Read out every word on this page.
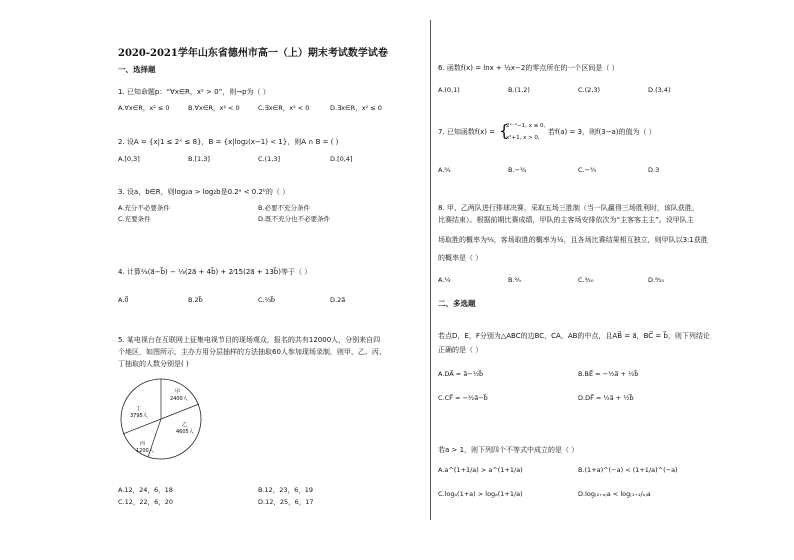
2020-2021学年山东省德州市高一（上）期末考试数学试卷
一、选择题
1. 已知命题p：“∀x∈R，x² > 0”，则¬p为（ ）
A.∀x∈R，x² ≤ 0	B.∀x∈R，x² < 0	C.∃x∈R，x² < 0	D.∃x∈R，x² ≤ 0
2. 设A = {x|1 ≤ 2ˣ ≤ 8}，B = {x|log₂(x−1) < 1}，则A ∩ B = ( )
A.[0,3]	B.[1,3]	C.(1,3]	D.[0,4]
3. 设a，b∈R，则log₂a > log₂b是0.2ᵃ < 0.2ᵇ的（ ）
A.充分不必要条件	B.必要不充分条件
C.充要条件	D.既不充分也不必要条件
4. 计算⅔(a⃗−b⃗) − ⅓(2a⃗ + 4b⃗) + 2⁄15(2a⃗ + 13b⃗)等于（ ）
A.0⃗	B.2b⃗	C.⅔b⃗	D.2a⃗
5. 某电视台在互联网上征集电视节目的现场观众，报名的共有12000人，分别来自四
个地区，如图所示，主办方用分层抽样的方法抽取60人参加现场录制，则甲、乙、丙、
丁抽取的人数分别是( )
甲
2400人
乙
4605人
丙
1200人
丁
3795人
A.12，24，6，18	B.12，23，6，19
C.12，22，6，20	D.12，25，6，17
6. 函数f(x) = lnx + ½x−2的零点所在的一个区间是（ ）
A.(0,1)	B.(1,2)	C.(2,3)	D.(3,4)
7. 已知函数f(x) = {
2ˣ⁻¹−1, x ≤ 0,
x²+1, x > 0,
若f(a) = 3，则f(3−a)的值为（ ）
A.⁵⁄₄	B.−³⁄₄	C.−¾	D.3
8. 甲、乙两队进行排球决赛，采取五场三胜制（当一队赢得三场胜利时，该队获胜，
比赛结束）。根据前期比赛成绩，甲队的主客场安排依次为“主客客主主”。设甲队主
场取胜的概率为⅔，客场取胜的概率为½，且各场比赛结果相互独立，则甲队以3:1获胜
的概率是（ ）
A.¼	B.²⁄₉	C.³⁄₂₀	D.⁸⁄₂₅
二、多选题
若点D，E，F分别为△ABC的边BC，CA，AB的中点，且AB⃗ = a⃗，BC⃗ = b⃗，则下列结论
正确的是（ ）
A.DA⃗ = a⃗−½b⃗	B.BE⃗ = −½a⃗ + ½b⃗
C.CF⃗ = −½a⃗−b⃗	D.DF⃗ = ½a⃗ + ½b⃗
若a > 1，则下列四个不等式中成立的是（ ）
A.a^(1+1/a) > a^(1+1/a)	B.(1+a)^(−a) < (1+1/a)^(−a)
C.logₐ(1+a) > logₐ(1+1/a)	D.log₍₁₊ₐ₎a < log₍₁₊₁/ₐ₎a
